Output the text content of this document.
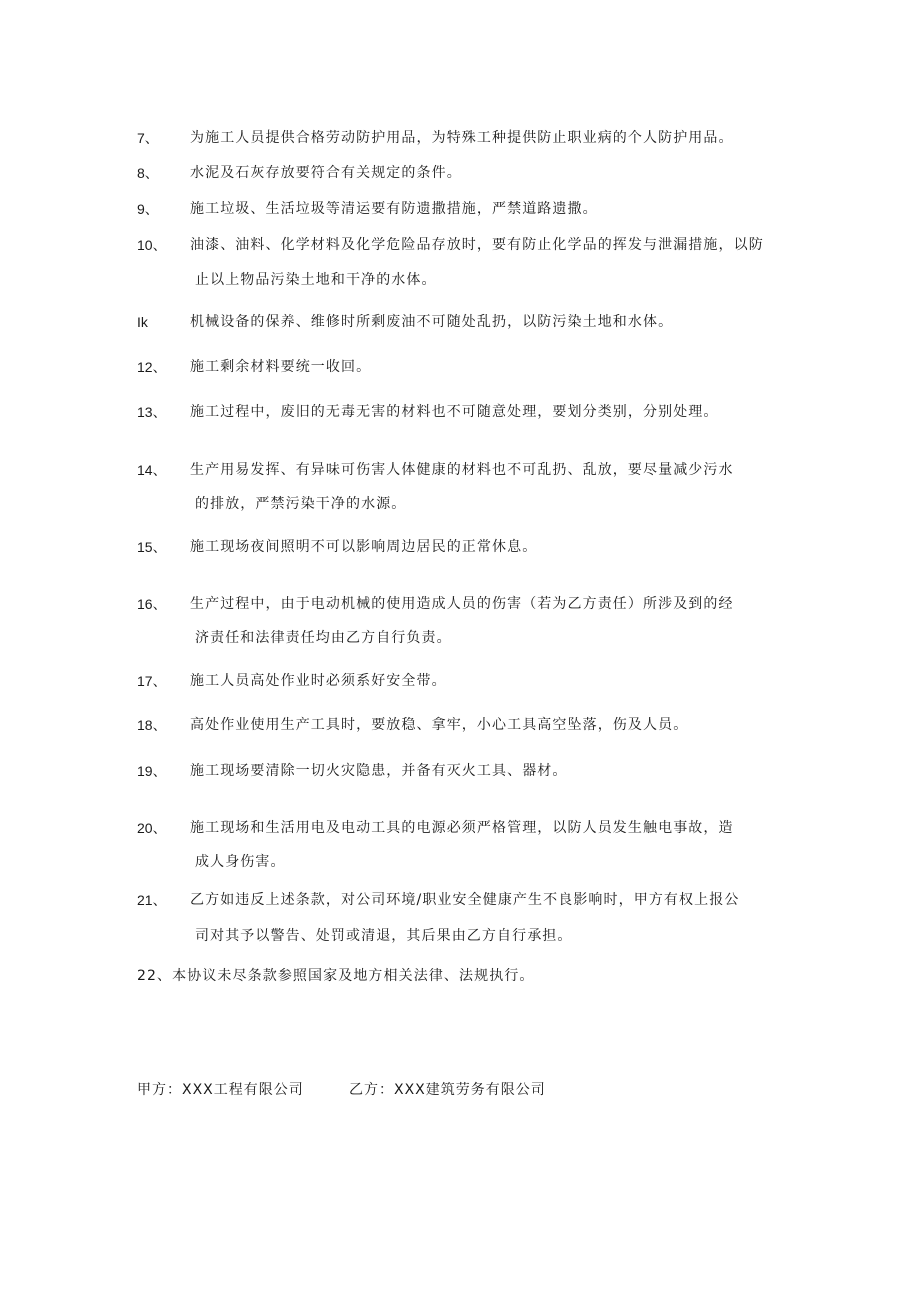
7、 为施工人员提供合格劳动防护用品，为特殊工种提供防止职业病的个人防护用品。
8、 水泥及石灰存放要符合有关规定的条件。
9、 施工垃圾、生活垃圾等清运要有防遗撒措施，严禁道路遗撒。
10、 油漆、油料、化学材料及化学危险品存放时，要有防止化学品的挥发与泄漏措施，以防
止以上物品污染土地和干净的水体。
Ik	机械设备的保养、维修时所剩废油不可随处乱扔，以防污染土地和水体。
12、 施工剩余材料要统一收回。
13、 施工过程中，废旧的无毒无害的材料也不可随意处理，要划分类别，分别处理。
14、 生产用易发挥、有异味可伤害人体健康的材料也不可乱扔、乱放，要尽量减少污水
的排放，严禁污染干净的水源。
15、 施工现场夜间照明不可以影响周边居民的正常休息。
16、 生产过程中，由于电动机械的使用造成人员的伤害（若为乙方责任）所涉及到的经
济责任和法律责任均由乙方自行负责。
17、 施工人员高处作业时必须系好安全带。
18、 高处作业使用生产工具时，要放稳、拿牢，小心工具高空坠落，伤及人员。
19、 施工现场要清除一切火灾隐患，并备有灭火工具、器材。
20、 施工现场和生活用电及电动工具的电源必须严格管理，以防人员发生触电事故，造
成人身伤害。
21、 乙方如违反上述条款，对公司环境/职业安全健康产生不良影响时，甲方有权上报公
司对其予以警告、处罚或清退，其后果由乙方自行承担。
22、本协议未尽条款参照国家及地方相关法律、法规执行。
甲方：XXX工程有限公司	乙方：XXX建筑劳务有限公司
